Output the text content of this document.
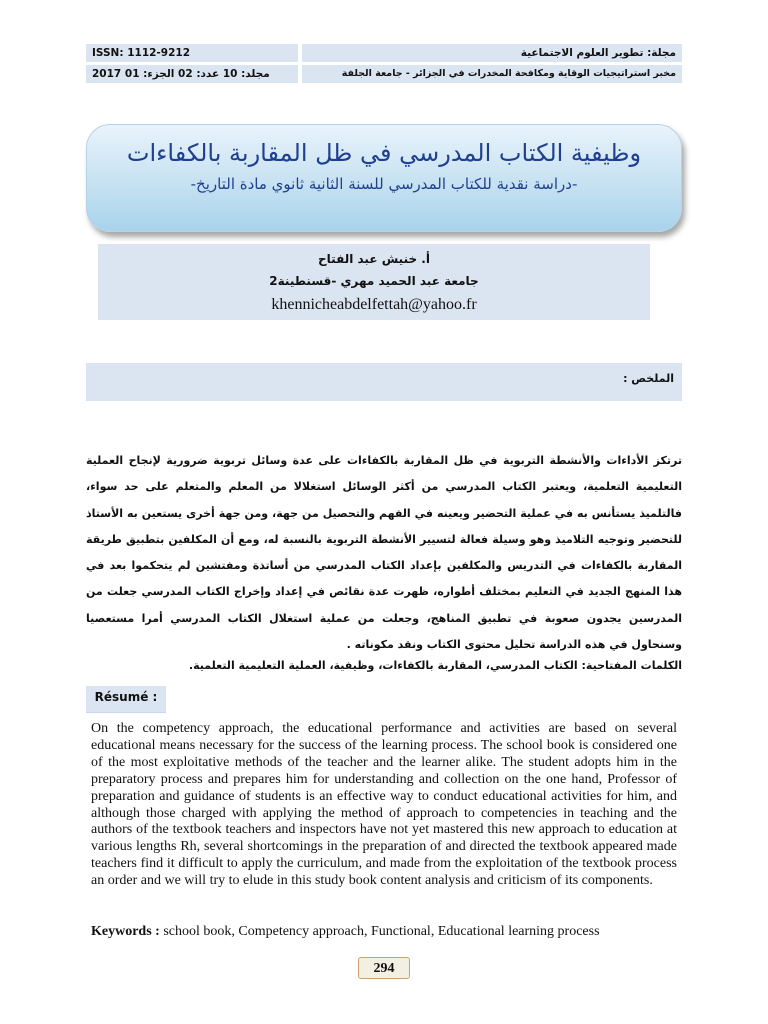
ISSN: 1112-9212	مجلة: تطوير العلوم الاجتماعية
مجلد: 10 عدد: 02 الجزء: 01 2017	مخبر استراتيجيات الوقاية ومكافحة المخدرات في الجزائر - جامعة الجلفة
وظيفية الكتاب المدرسي في ظل المقاربة بالكفاءات
-دراسة نقدية للكتاب المدرسي للسنة الثانية ثانوي مادة التاريخ-
أ. خنيش عبد الفتاح
جامعة عبد الحميد مهري -قسنطينة2
khennicheabdelfettah@yahoo.fr
الملخص :
ترتكز الأداءات والأنشطة التربوية في ظل المقاربة بالكفاءات على عدة وسائل تربوية ضرورية لإنجاح العملية التعليمية التعلمية، ويعتبر الكتاب المدرسي من أكثر الوسائل استغلالا من المعلم والمتعلم على حد سواء، فالتلميذ يستأنس به في عملية التحضير ويعينه في الفهم والتحصيل من جهة، ومن جهة أخرى يستعين به الأستاذ للتحضير وتوجيه التلاميذ وهو وسيلة فعالة لتسيير الأنشطة التربوية بالنسبة له، ومع أن المكلفين بتطبيق طريقة المقاربة بالكفاءات في التدريس والمكلفين بإعداد الكتاب المدرسي من أساتذة ومفتشين لم يتحكموا بعد في هذا المنهج الجديد في التعليم بمختلف أطواره، ظهرت عدة نقائص في إعداد وإخراج الكتاب المدرسي جعلت من المدرسين يجدون صعوبة في تطبيق المناهج، وجعلت من عملية استغلال الكتاب المدرسي أمرا مستعصيا وسنحاول في هذه الدراسة تحليل محتوى الكتاب ونقد مكوناته .
الكلمات المفتاحية: الكتاب المدرسي، المقاربة بالكفاءات، وظيفية، العملية التعليمية التعلمية.
Résumé :

On the competency approach, the educational performance and activities are based on several educational means necessary for the success of the learning process. The school book is considered one of the most exploitative methods of the teacher and the learner alike. The student adopts him in the preparatory process and prepares him for understanding and collection on the one hand, Professor of preparation and guidance of students is an effective way to conduct educational activities for him, and although those charged with applying the method of approach to competencies in teaching and the authors of the textbook teachers and inspectors have not yet mastered this new approach to education at various lengths Rh, several shortcomings in the preparation of and directed the textbook appeared made teachers find it difficult to apply the curriculum, and made from the exploitation of the textbook process an order and we will try to elude in this study book content analysis and criticism of its components.

Keywords : school book, Competency approach, Functional, Educational learning process
294
